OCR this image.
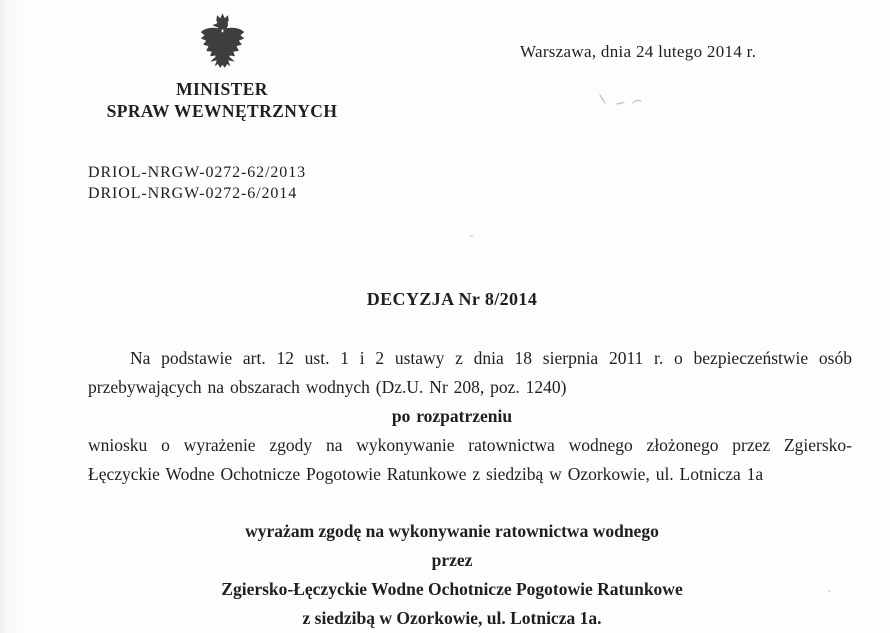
MINISTER
SPRAW WEWNĘTRZNYCH
Warszawa, dnia 24 lutego 2014 r.
DRIOL-NRGW-0272-62/2013
DRIOL-NRGW-0272-6/2014
DECYZJA Nr 8/2014
Na podstawie art. 12 ust. 1 i 2 ustawy z dnia 18 sierpnia 2011 r. o bezpieczeństwie osób
przebywających na obszarach wodnych (Dz.U. Nr 208, poz. 1240)
po rozpatrzeniu
wniosku o wyrażenie zgody na wykonywanie ratownictwa wodnego złożonego przez Zgiersko-
Łęczyckie Wodne Ochotnicze Pogotowie Ratunkowe z siedzibą w Ozorkowie, ul. Lotnicza 1a
wyrażam zgodę na wykonywanie ratownictwa wodnego
przez
Zgiersko-Łęczyckie Wodne Ochotnicze Pogotowie Ratunkowe
z siedzibą w Ozorkowie, ul. Lotnicza 1a.
